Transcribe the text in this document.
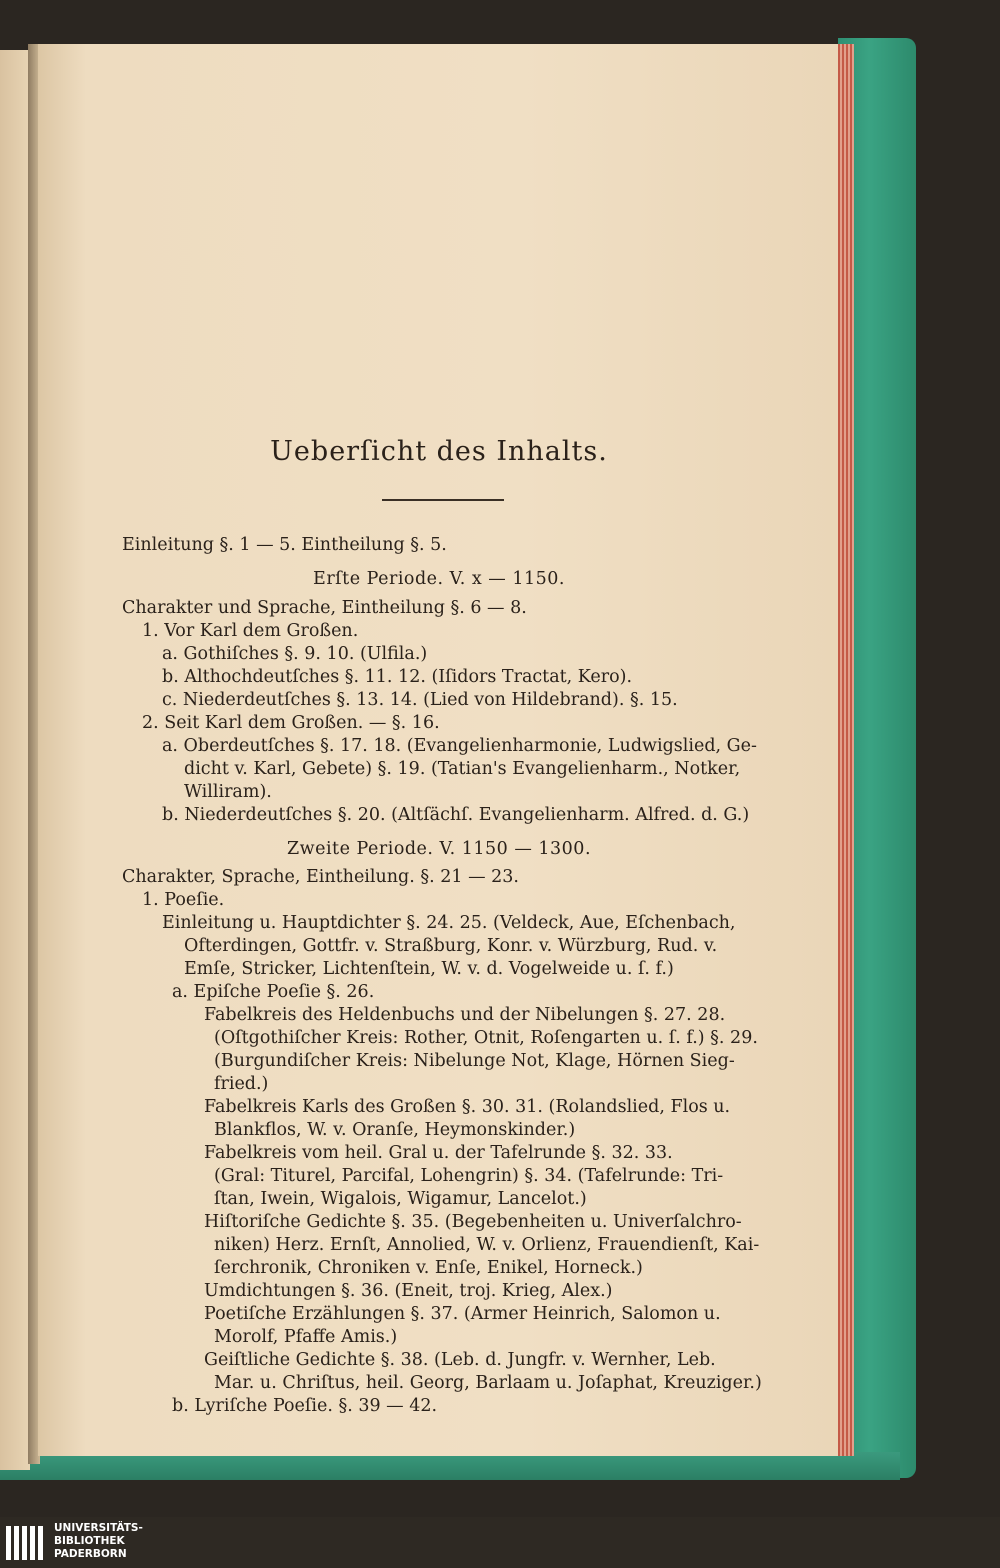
Ueberſicht des Inhalts.
Einleitung §. 1 — 5. Eintheilung §. 5.
Erſte Periode. V. x — 1150.
Charakter und Sprache, Eintheilung §. 6 — 8.
1. Vor Karl dem Großen.
a. Gothiſches §. 9. 10. (Ulfila.)
b. Althochdeutſches §. 11. 12. (Iſidors Tractat, Kero).
c. Niederdeutſches §. 13. 14. (Lied von Hildebrand). §. 15.
2. Seit Karl dem Großen. — §. 16.
a. Oberdeutſches §. 17. 18. (Evangelienharmonie, Ludwigslied, Ge-
dicht v. Karl, Gebete) §. 19. (Tatian's Evangelienharm., Notker,
Williram).
b. Niederdeutſches §. 20. (Altſächſ. Evangelienharm. Alfred. d. G.)
Zweite Periode. V. 1150 — 1300.
Charakter, Sprache, Eintheilung. §. 21 — 23.
1. Poeſie.
Einleitung u. Hauptdichter §. 24. 25. (Veldeck, Aue, Eſchenbach,
Ofterdingen, Gottfr. v. Straßburg, Konr. v. Würzburg, Rud. v.
Emſe, Stricker, Lichtenſtein, W. v. d. Vogelweide u. ſ. f.)
a. Epiſche Poeſie §. 26.
Fabelkreis des Heldenbuchs und der Nibelungen §. 27. 28.
(Oſtgothiſcher Kreis: Rother, Otnit, Roſengarten u. ſ. f.) §. 29.
(Burgundiſcher Kreis: Nibelunge Not, Klage, Hörnen Sieg-
fried.)
Fabelkreis Karls des Großen §. 30. 31. (Rolandslied, Flos u.
Blankflos, W. v. Oranſe, Heymonskinder.)
Fabelkreis vom heil. Gral u. der Tafelrunde §. 32. 33.
(Gral: Titurel, Parcifal, Lohengrin) §. 34. (Tafelrunde: Tri-
ſtan, Iwein, Wigalois, Wigamur, Lancelot.)
Hiſtoriſche Gedichte §. 35. (Begebenheiten u. Univerſalchro-
niken) Herz. Ernſt, Annolied, W. v. Orlienz, Frauendienſt, Kai-
ſerchronik, Chroniken v. Enſe, Enikel, Horneck.)
Umdichtungen §. 36. (Eneit, troj. Krieg, Alex.)
Poetiſche Erzählungen §. 37. (Armer Heinrich, Salomon u.
Morolf, Pfaffe Amis.)
Geiſtliche Gedichte §. 38. (Leb. d. Jungfr. v. Wernher, Leb.
Mar. u. Chriſtus, heil. Georg, Barlaam u. Joſaphat, Kreuziger.)
b. Lyriſche Poeſie. §. 39 — 42.
UNIVERSITÄTS-
BIBLIOTHEK
PADERBORN
